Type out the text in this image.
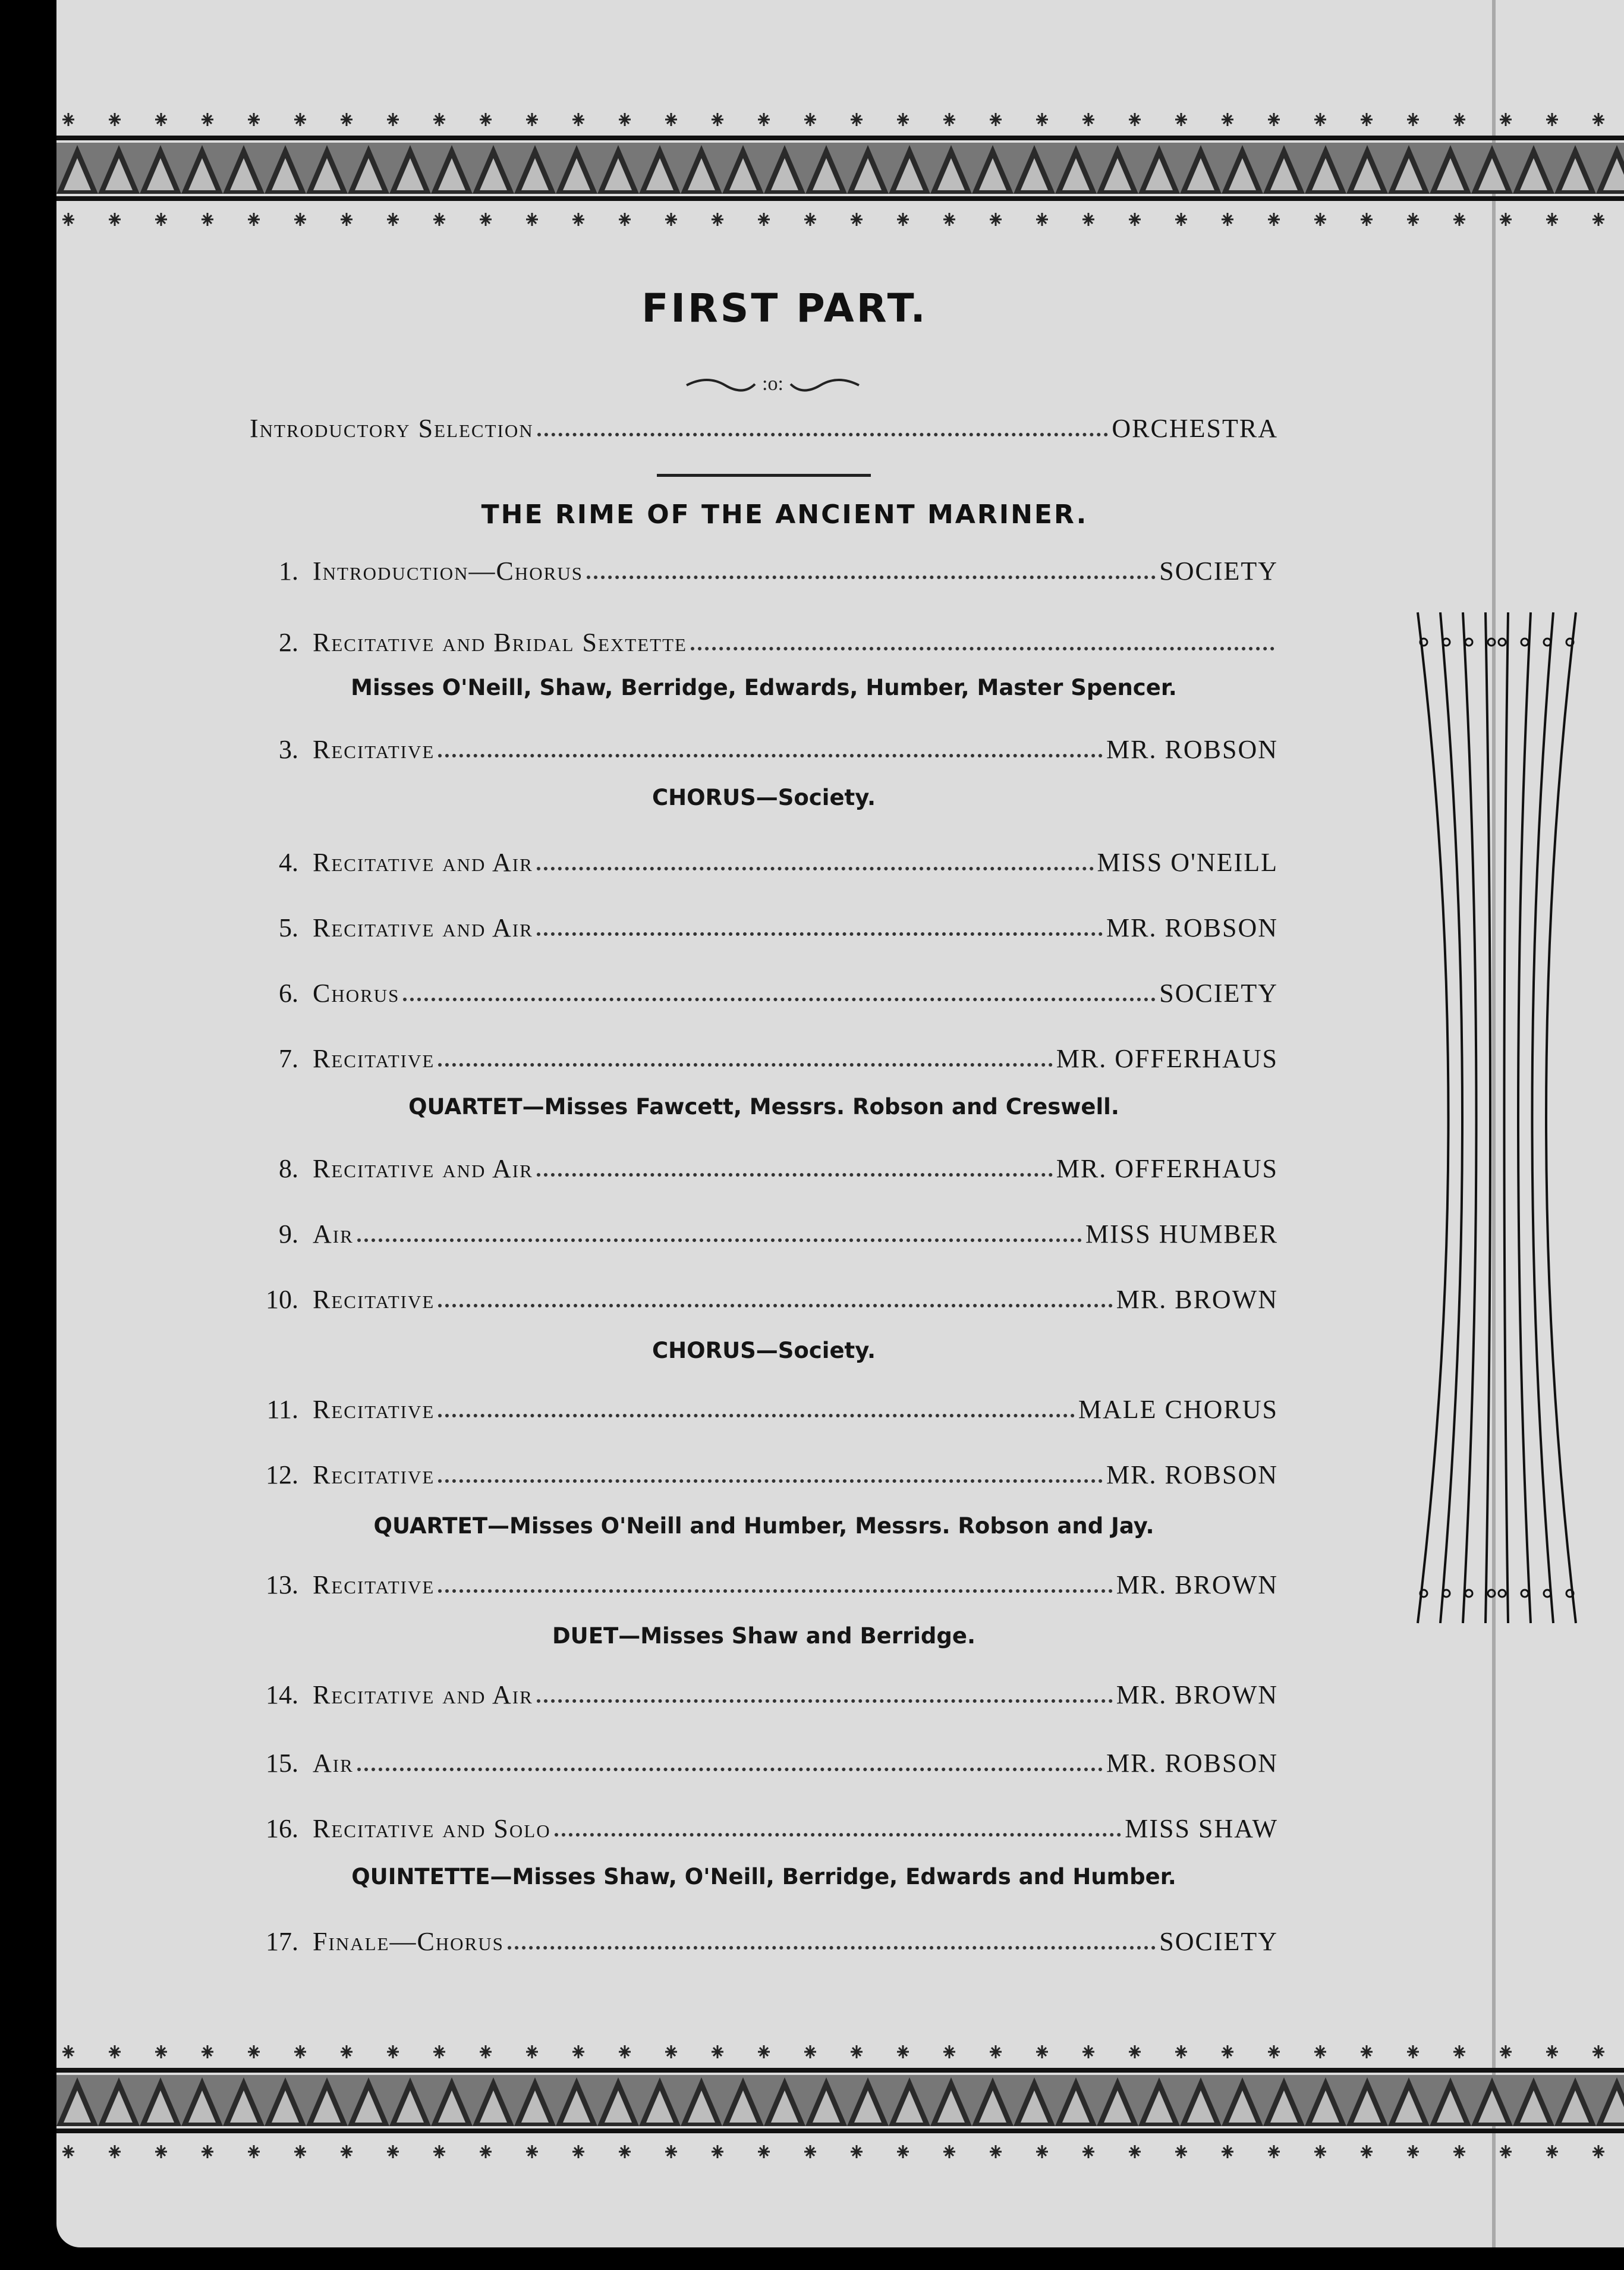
FIRST PART.
:o:
Introductory Selection	ORCHESTRA
THE RIME OF THE ANCIENT MARINER.
1. Introduction—Chorus	SOCIETY
2. Recitative and Bridal Sextette
Misses O'Neill, Shaw, Berridge, Edwards, Humber, Master Spencer.
3. Recitative	MR. ROBSON
CHORUS—Society.
4. Recitative and Air	MISS O'NEILL
5. Recitative and Air	MR. ROBSON
6. Chorus	SOCIETY
7. Recitative	MR. OFFERHAUS
QUARTET—Misses Fawcett, Messrs. Robson and Creswell.
8. Recitative and Air	MR. OFFERHAUS
9. Air	MISS HUMBER
10. Recitative	MR. BROWN
CHORUS—Society.
11. Recitative	MALE CHORUS
12. Recitative	MR. ROBSON
QUARTET—Misses O'Neill and Humber, Messrs. Robson and Jay.
13. Recitative	MR. BROWN
DUET—Misses Shaw and Berridge.
14. Recitative and Air	MR. BROWN
15. Air	MR. ROBSON
16. Recitative and Solo	MISS SHAW
QUINTETTE—Misses Shaw, O'Neill, Berridge, Edwards and Humber.
17. Finale—Chorus	SOCIETY
